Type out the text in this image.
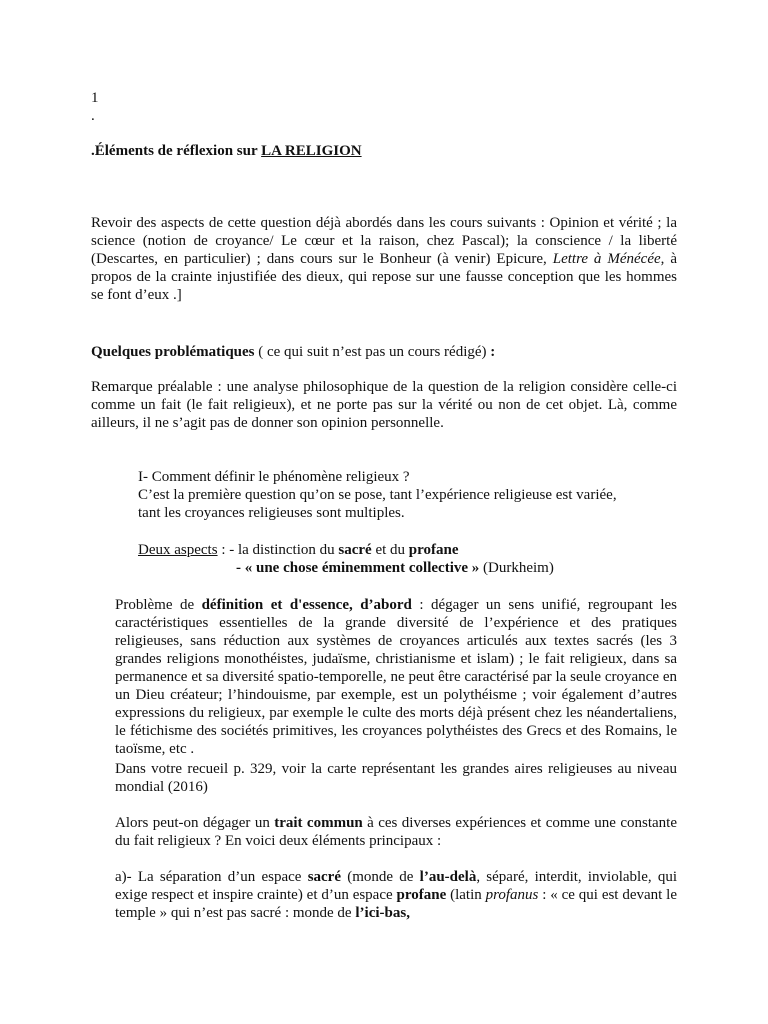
1
.
.Éléments de réflexion sur LA RELIGION

Revoir des aspects de cette question déjà abordés dans les cours suivants : Opinion et vérité ; la science (notion de croyance/ Le cœur et la raison, chez Pascal); la conscience / la liberté (Descartes, en particulier) ; dans cours sur le Bonheur (à venir) Epicure, Lettre à Ménécée, à propos de la crainte injustifiée des dieux, qui repose sur une fausse conception que les hommes se font d’eux .]

Quelques problématiques ( ce qui suit n’est pas un cours rédigé) :

Remarque préalable : une analyse philosophique de la question de la religion considère celle-ci comme un fait (le fait religieux), et ne porte pas sur la vérité ou non de cet objet. Là, comme ailleurs, il ne s’agit pas de donner son opinion personnelle.

I- Comment définir le phénomène religieux ?
C’est la première question qu’on se pose, tant l’expérience religieuse est variée,
tant les croyances religieuses sont multiples.
Deux aspects : - la distinction du sacré et du profane
- « une chose éminemment collective » (Durkheim)

Problème de définition et d'essence, d’abord : dégager un sens unifié, regroupant les caractéristiques essentielles de la grande diversité de l’expérience et des pratiques religieuses, sans réduction aux systèmes de croyances articulés aux textes sacrés (les 3 grandes religions monothéistes, judaïsme, christianisme et islam) ; le fait religieux, dans sa permanence et sa diversité spatio-temporelle, ne peut être caractérisé par la seule croyance en un Dieu créateur; l’hindouisme, par exemple, est un polythéisme ; voir également d’autres expressions du religieux, par exemple le culte des morts déjà présent chez les néandertaliens, le fétichisme des sociétés primitives, les croyances polythéistes des Grecs et des Romains, le taoïsme, etc .

Dans votre recueil p. 329, voir la carte représentant les grandes aires religieuses au niveau mondial (2016)

Alors peut-on dégager un trait commun à ces diverses expériences et comme une constante du fait religieux ? En voici deux éléments principaux :

a)- La séparation d’un espace sacré (monde de l’au-delà, séparé, interdit, inviolable, qui exige respect et inspire crainte) et d’un espace profane (latin profanus : « ce qui est devant le temple » qui n’est pas sacré : monde de l’ici-bas,
